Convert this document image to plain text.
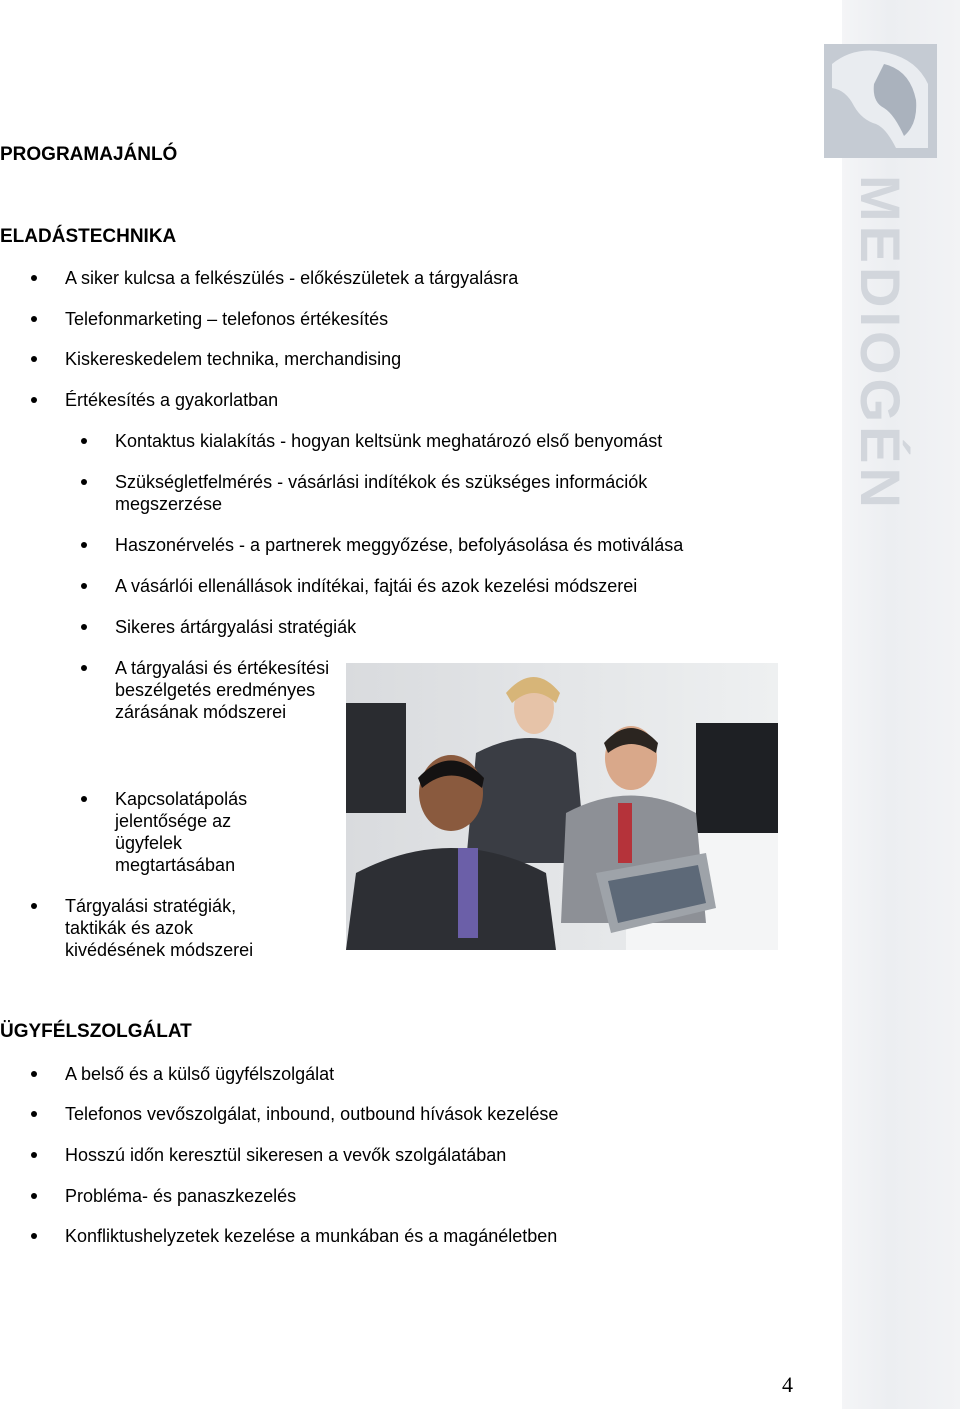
MEDIOGÉN
PROGRAMAJÁNLÓ
ELADÁSTECHNIKA
A siker kulcsa a felkészülés - előkészületek a tárgyalásra
Telefonmarketing – telefonos értékesítés
Kiskereskedelem technika, merchandising
Értékesítés a gyakorlatban
Kontaktus kialakítás - hogyan keltsünk meghatározó első benyomást
Szükségletfelmérés - vásárlási indítékok és szükséges információk megszerzése
Haszonérvelés - a partnerek meggyőzése, befolyásolása és motiválása
A vásárlói ellenállások indítékai, fajtái és azok kezelési módszerei
Sikeres ártárgyalási stratégiák
A tárgyalási és értékesítési beszélgetés eredményes zárásának módszerei
Kapcsolatápolás jelentősége az ügyfelek megtartásában
Tárgyalási stratégiák, taktikák és azok kivédésének módszerei
ÜGYFÉLSZOLGÁLAT
A belső és a külső ügyfélszolgálat
Telefonos vevőszolgálat, inbound, outbound hívások kezelése
Hosszú időn keresztül sikeresen a vevők szolgálatában
Probléma- és panaszkezelés
Konfliktushelyzetek kezelése a munkában és a magánéletben
4
